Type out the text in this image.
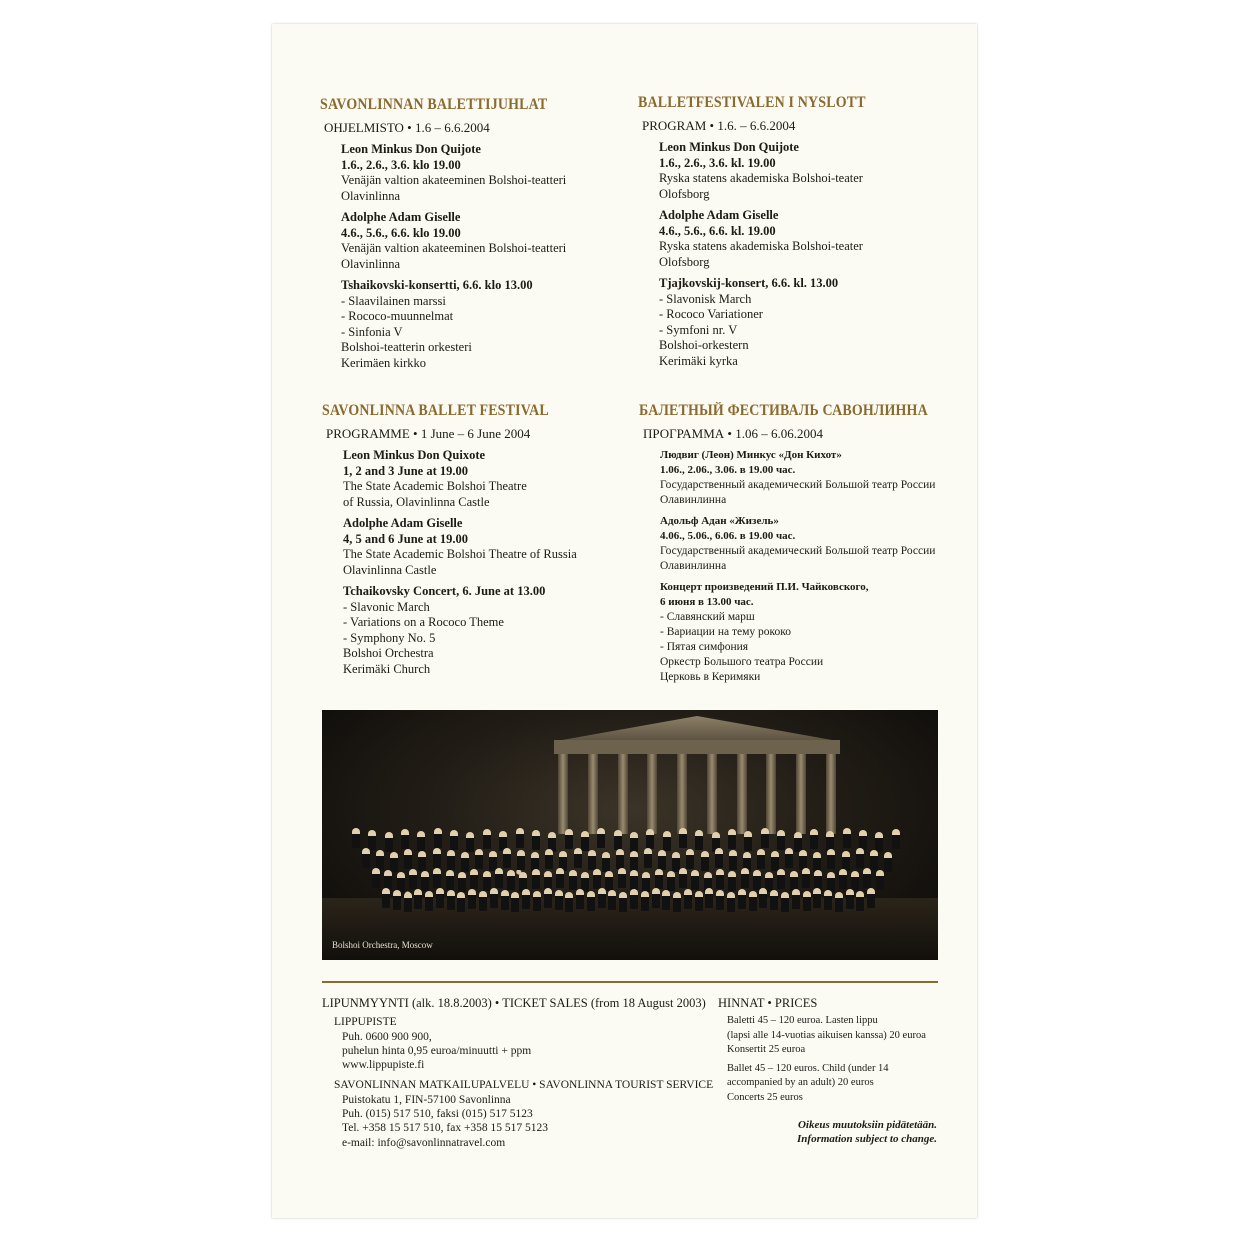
SAVONLINNAN BALETTIJUHLAT
OHJELMISTO • 1.6 – 6.6.2004
Leon Minkus Don Quijote
1.6., 2.6., 3.6. klo 19.00
Venäjän valtion akateeminen Bolshoi-teatteri
Olavinlinna
Adolphe Adam Giselle
4.6., 5.6., 6.6. klo 19.00
Venäjän valtion akateeminen Bolshoi-teatteri
Olavinlinna
Tshaikovski-konsertti, 6.6. klo 13.00
- Slaavilainen marssi
- Rococo-muunnelmat
- Sinfonia V
Bolshoi-teatterin orkesteri
Kerimäen kirkko
BALLETFESTIVALEN I NYSLOTT
PROGRAM • 1.6. – 6.6.2004
Leon Minkus Don Quijote
1.6., 2.6., 3.6. kl. 19.00
Ryska statens akademiska Bolshoi-teater
Olofsborg
Adolphe Adam Giselle
4.6., 5.6., 6.6. kl. 19.00
Ryska statens akademiska Bolshoi-teater
Olofsborg
Tjajkovskij-konsert, 6.6. kl. 13.00
- Slavonisk March
- Rococo Variationer
- Symfoni nr. V
Bolshoi-orkestern
Kerimäki kyrka
SAVONLINNA BALLET FESTIVAL
PROGRAMME • 1 June – 6 June 2004
Leon Minkus Don Quixote
1, 2 and 3 June at 19.00
The State Academic Bolshoi Theatre
of Russia, Olavinlinna Castle
Adolphe Adam Giselle
4, 5 and 6 June at 19.00
The State Academic Bolshoi Theatre of Russia
Olavinlinna Castle
Tchaikovsky Concert, 6. June at 13.00
- Slavonic March
- Variations on a Rococo Theme
- Symphony No. 5
Bolshoi Orchestra
Kerimäki Church
БАЛЕТНЫЙ ФЕСТИВАЛЬ САВОНЛИННА
ПРОГРАММА • 1.06 – 6.06.2004
Людвиг (Леон) Минкус «Дон Кихот»
1.06., 2.06., 3.06. в 19.00 час.
Государственный академический Большой театр России
Олавинлинна
Адольф Адан «Жизель»
4.06., 5.06., 6.06. в 19.00 час.
Государственный академический Большой театр России
Олавинлинна
Концерт произведений П.И. Чайковского,
6 июня в 13.00 час.
- Славянский марш
- Вариации на тему рококо
- Пятая симфония
Оркестр Большого театра России
Церковь в Керимяки
Bolshoi Orchestra, Moscow
LIPUNMYYNTI (alk. 18.8.2003) • TICKET SALES (from 18 August 2003)
LIPPUPISTE
Puh. 0600 900 900,
puhelun hinta 0,95 euroa/minuutti + ppm
www.lippupiste.fi
SAVONLINNAN MATKAILUPALVELU • SAVONLINNA TOURIST SERVICE
Puistokatu 1, FIN-57100 Savonlinna
Puh. (015) 517 510, faksi (015) 517 5123
Tel. +358 15 517 510, fax +358 15 517 5123
e-mail: info@savonlinnatravel.com
HINNAT • PRICES
Baletti 45 – 120 euroa. Lasten lippu
(lapsi alle 14-vuotias aikuisen kanssa) 20 euroa
Konsertit 25 euroa
Ballet 45 – 120 euros. Child (under 14
accompanied by an adult) 20 euros
Concerts 25 euros
Oikeus muutoksiin pidätetään.
Information subject to change.
